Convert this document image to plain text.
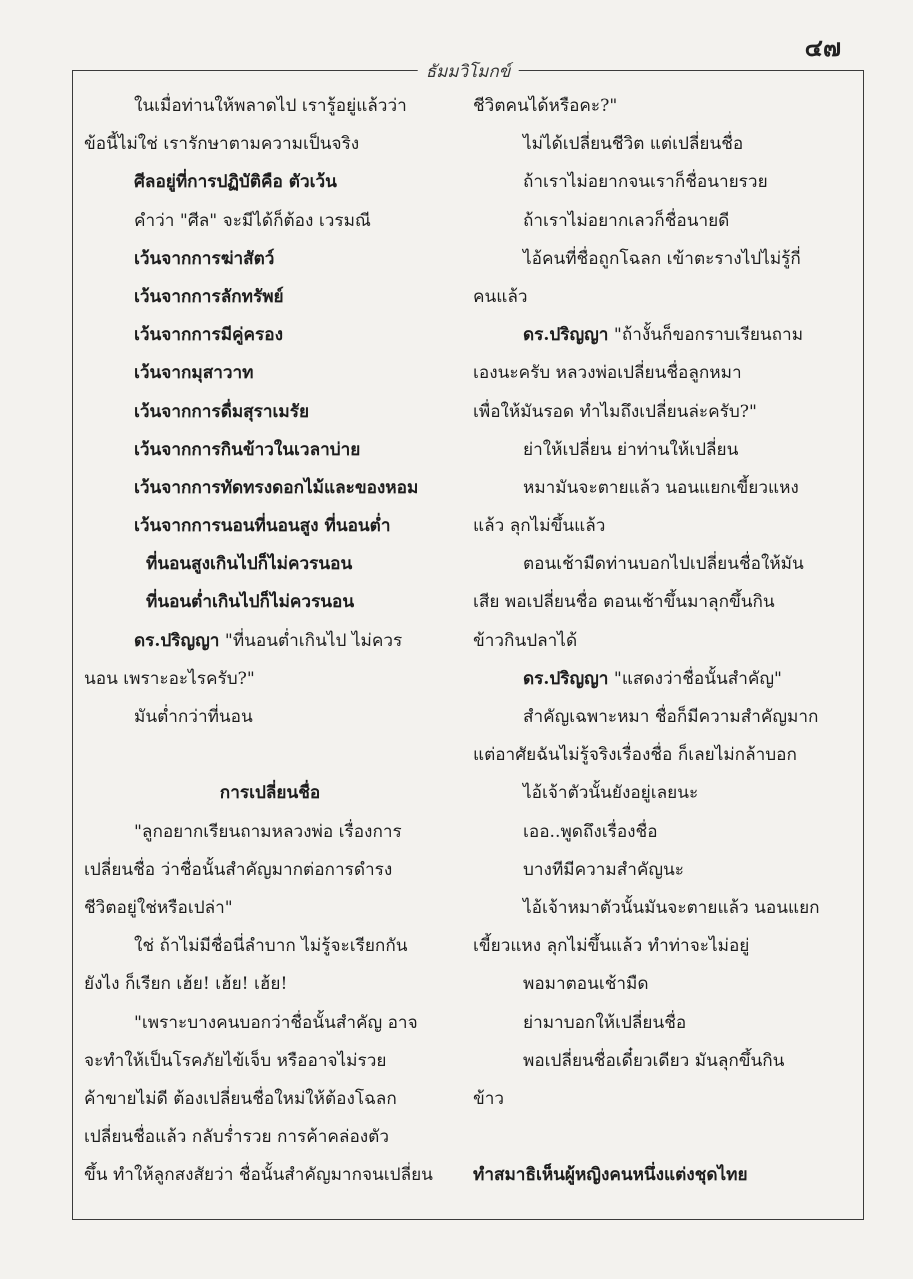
๔๗
ธัมมวิโมกข์
ในเมื่อท่านให้พลาดไป เรารู้อยู่แล้วว่า
ข้อนี้ไม่ใช่ เรารักษาตามความเป็นจริง
ศีลอยู่ที่การปฏิบัติคือ ตัวเว้น
คำว่า "ศีล" จะมีได้ก็ต้อง เวรมณี
เว้นจากการฆ่าสัตว์
เว้นจากการลักทรัพย์
เว้นจากการมีคู่ครอง
เว้นจากมุสาวาท
เว้นจากการดื่มสุราเมรัย
เว้นจากการกินข้าวในเวลาบ่าย
เว้นจากการทัดทรงดอกไม้และของหอม
เว้นจากการนอนที่นอนสูง ที่นอนต่ำ
ที่นอนสูงเกินไปก็ไม่ควรนอน
ที่นอนต่ำเกินไปก็ไม่ควรนอน
ดร.ปริญญา "ที่นอนต่ำเกินไป ไม่ควร
นอน เพราะอะไรครับ?"
มันต่ำกว่าที่นอน
การเปลี่ยนชื่อ
"ลูกอยากเรียนถามหลวงพ่อ เรื่องการ
เปลี่ยนชื่อ ว่าชื่อนั้นสำคัญมากต่อการดำรง
ชีวิตอยู่ใช่หรือเปล่า"
ใช่ ถ้าไม่มีชื่อนี่ลำบาก ไม่รู้จะเรียกกัน
ยังไง ก็เรียก เฮ้ย! เฮ้ย! เฮ้ย!
"เพราะบางคนบอกว่าชื่อนั้นสำคัญ อาจ
จะทำให้เป็นโรคภัยไข้เจ็บ หรืออาจไม่รวย
ค้าขายไม่ดี ต้องเปลี่ยนชื่อใหม่ให้ต้องโฉลก
เปลี่ยนชื่อแล้ว กลับร่ำรวย การค้าคล่องตัว
ขึ้น ทำให้ลูกสงสัยว่า ชื่อนั้นสำคัญมากจนเปลี่ยน
ชีวิตคนได้หรือคะ?"
ไม่ได้เปลี่ยนชีวิต แต่เปลี่ยนชื่อ
ถ้าเราไม่อยากจนเราก็ชื่อนายรวย
ถ้าเราไม่อยากเลวก็ชื่อนายดี
ไอ้คนที่ชื่อถูกโฉลก เข้าตะรางไปไม่รู้กี่
คนแล้ว
ดร.ปริญญา "ถ้างั้นก็ขอกราบเรียนถาม
เองนะครับ หลวงพ่อเปลี่ยนชื่อลูกหมา
เพื่อให้มันรอด ทำไมถึงเปลี่ยนล่ะครับ?"
ย่าให้เปลี่ยน ย่าท่านให้เปลี่ยน
หมามันจะตายแล้ว นอนแยกเขี้ยวแหง
แล้ว ลุกไม่ขึ้นแล้ว
ตอนเช้ามืดท่านบอกไปเปลี่ยนชื่อให้มัน
เสีย พอเปลี่ยนชื่อ ตอนเช้าขึ้นมาลุกขึ้นกิน
ข้าวกินปลาได้
ดร.ปริญญา "แสดงว่าชื่อนั้นสำคัญ"
สำคัญเฉพาะหมา ชื่อก็มีความสำคัญมาก
แต่อาศัยฉันไม่รู้จริงเรื่องชื่อ ก็เลยไม่กล้าบอก
ไอ้เจ้าตัวนั้นยังอยู่เลยนะ
เออ..พูดถึงเรื่องชื่อ
บางทีมีความสำคัญนะ
ไอ้เจ้าหมาตัวนั้นมันจะตายแล้ว นอนแยก
เขี้ยวแหง ลุกไม่ขึ้นแล้ว ทำท่าจะไม่อยู่
พอมาตอนเช้ามืด
ย่ามาบอกให้เปลี่ยนชื่อ
พอเปลี่ยนชื่อเดี๋ยวเดียว มันลุกขึ้นกิน
ข้าว
ทำสมาธิเห็นผู้หญิงคนหนึ่งแต่งชุดไทย
